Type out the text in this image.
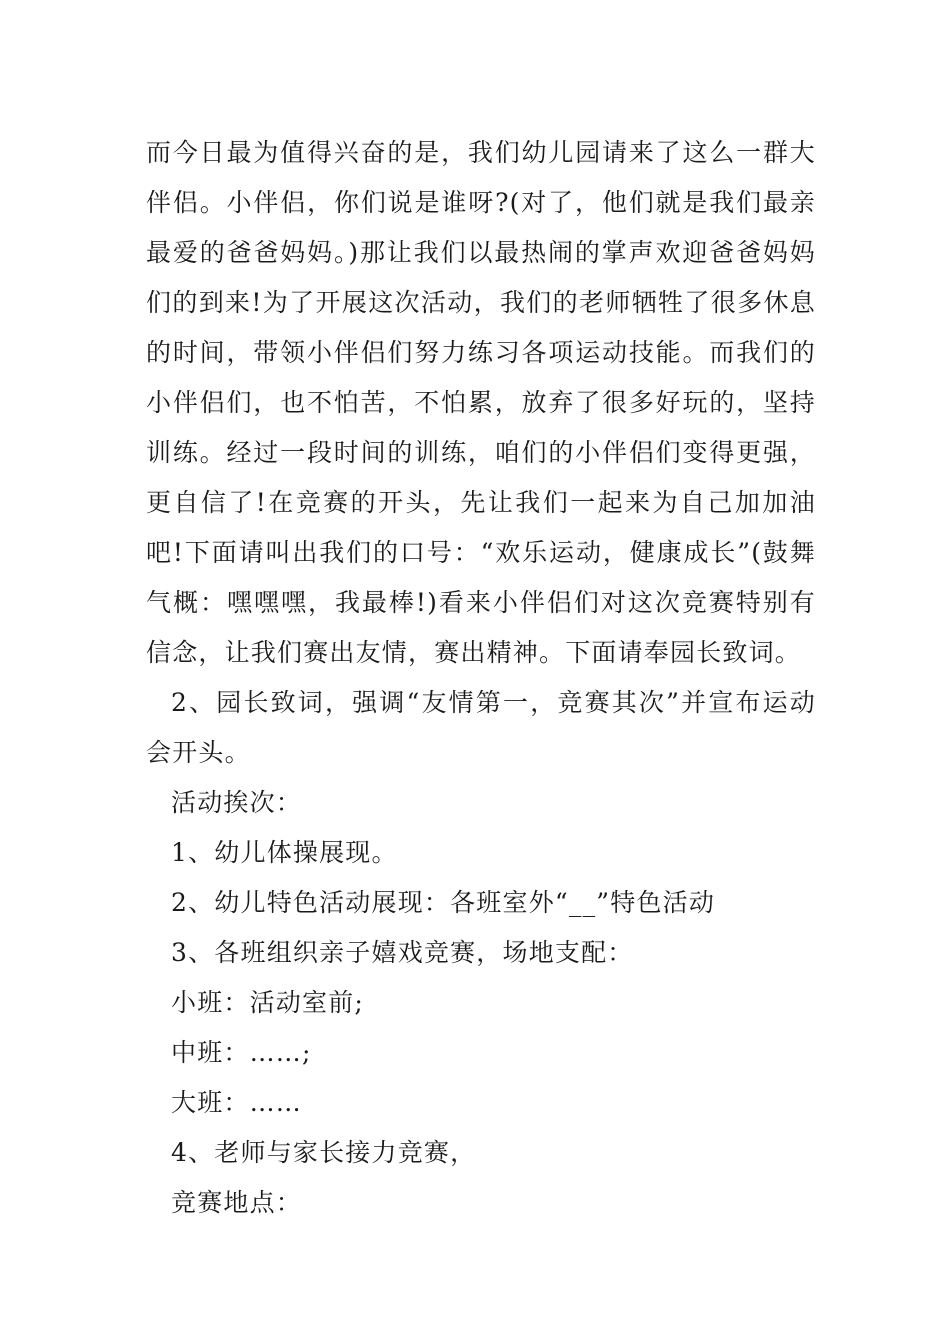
而今日最为值得兴奋的是，我们幼儿园请来了这么一群大伴侣。小伴侣，你们说是谁呀?(对了，他们就是我们最亲最爱的爸爸妈妈。)那让我们以最热闹的掌声欢迎爸爸妈妈们的到来!为了开展这次活动，我们的老师牺牲了很多休息的时间，带领小伴侣们努力练习各项运动技能。而我们的小伴侣们，也不怕苦，不怕累，放弃了很多好玩的，坚持训练。经过一段时间的训练，咱们的小伴侣们变得更强，更自信了!在竞赛的开头，先让我们一起来为自己加加油吧!下面请叫出我们的口号：“欢乐运动，健康成长”(鼓舞气概：嘿嘿嘿，我最棒!)看来小伴侣们对这次竞赛特别有信念，让我们赛出友情，赛出精神。下面请奉园长致词。

2、园长致词，强调“友情第一，竞赛其次”并宣布运动会开头。

活动挨次：

1、幼儿体操展现。

2、幼儿特色活动展现：各班室外“__”特色活动

3、各班组织亲子嬉戏竞赛，场地支配：

小班：活动室前;

中班：……;

大班：……

4、老师与家长接力竞赛，

竞赛地点：
